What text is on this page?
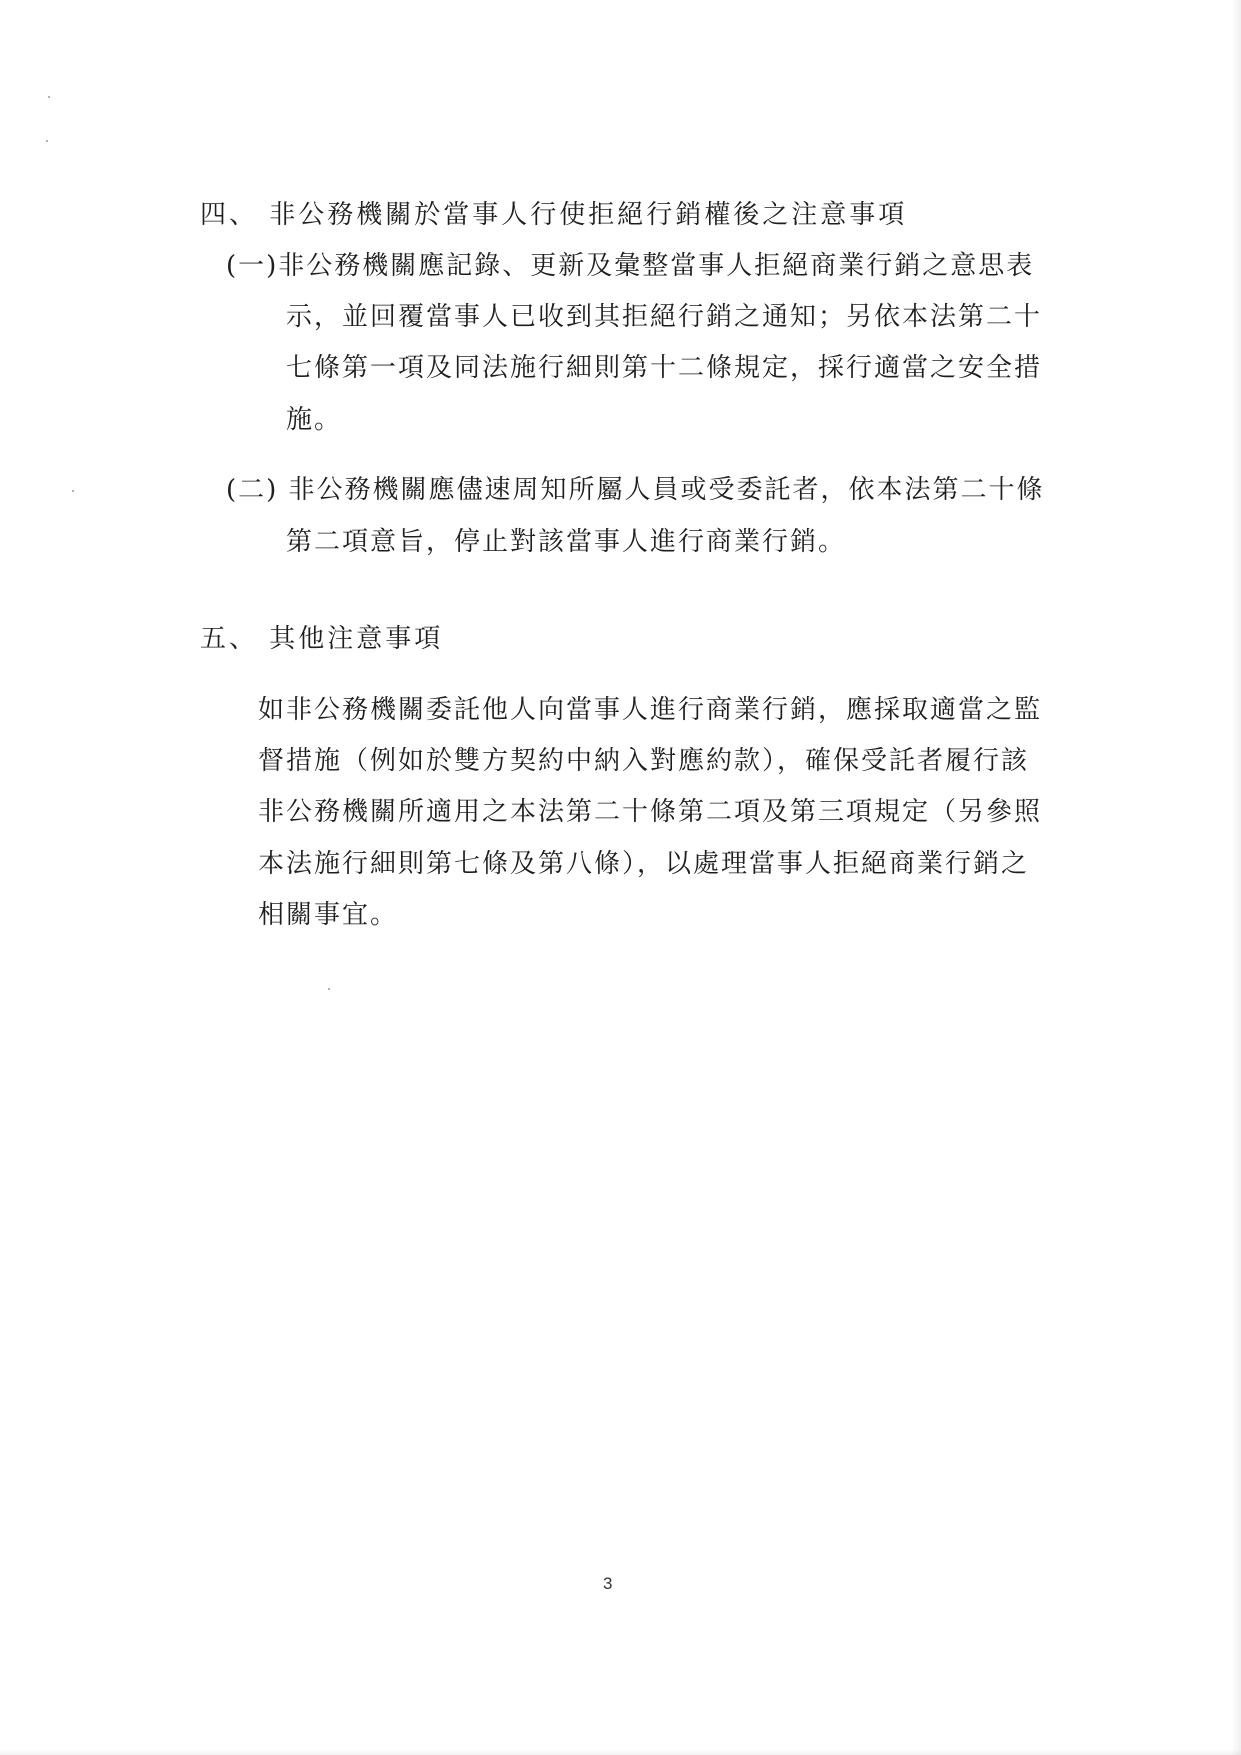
四、 非公務機關於當事人行使拒絕行銷權後之注意事項
(一)非公務機關應記錄、更新及彙整當事人拒絕商業行銷之意思表
示，並回覆當事人已收到其拒絕行銷之通知；另依本法第二十
七條第一項及同法施行細則第十二條規定，採行適當之安全措
施。
(二) 非公務機關應儘速周知所屬人員或受委託者，依本法第二十條
第二項意旨，停止對該當事人進行商業行銷。
五、 其他注意事項
如非公務機關委託他人向當事人進行商業行銷，應採取適當之監
督措施（例如於雙方契約中納入對應約款），確保受託者履行該
非公務機關所適用之本法第二十條第二項及第三項規定（另參照
本法施行細則第七條及第八條），以處理當事人拒絕商業行銷之
相關事宜。
3
